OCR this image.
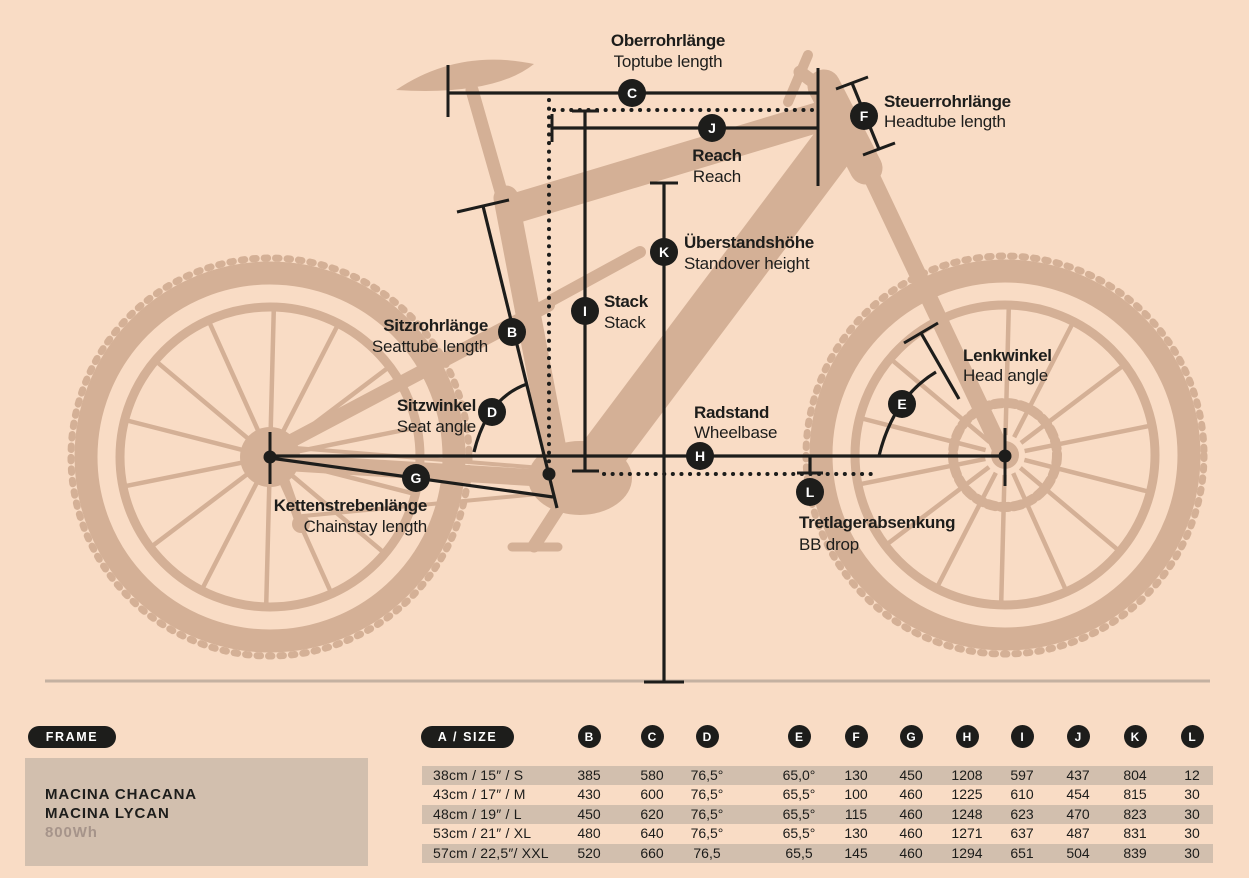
C
J
F
K
I
B
D	E
H
G
L
Oberrohrlänge
Toptube length
Steuerrohrlänge
Headtube length
Reach
Reach
Überstandshöhe
Standover height
Stack
Stack
Sitzrohrlänge
Seattube length
Sitzwinkel
Seat angle
Lenkwinkel
Head angle
Radstand
Wheelbase
Kettenstrebenlänge
Chainstay length	Tretlagerabsenkung
BB drop
FRAME	A / SIZE	B	C	D	E	F	G	H	I	J	K	L
MACINA CHACANA
MACINA LYCAN
800Wh
38cm / 15″ / S	385	580	76,5°	65,0°	130	450	1208	597	437	804	12
43cm / 17″ / M	430	600	76,5°	65,5°	100	460	1225	610	454	815	30
48cm / 19″ / L	450	620	76,5°	65,5°	115	460	1248	623	470	823	30
53cm / 21″ / XL	480	640	76,5°	65,5°	130	460	1271	637	487	831	30
57cm / 22,5″/ XXL	520	660	76,5	65,5	145	460	1294	651	504	839	30
